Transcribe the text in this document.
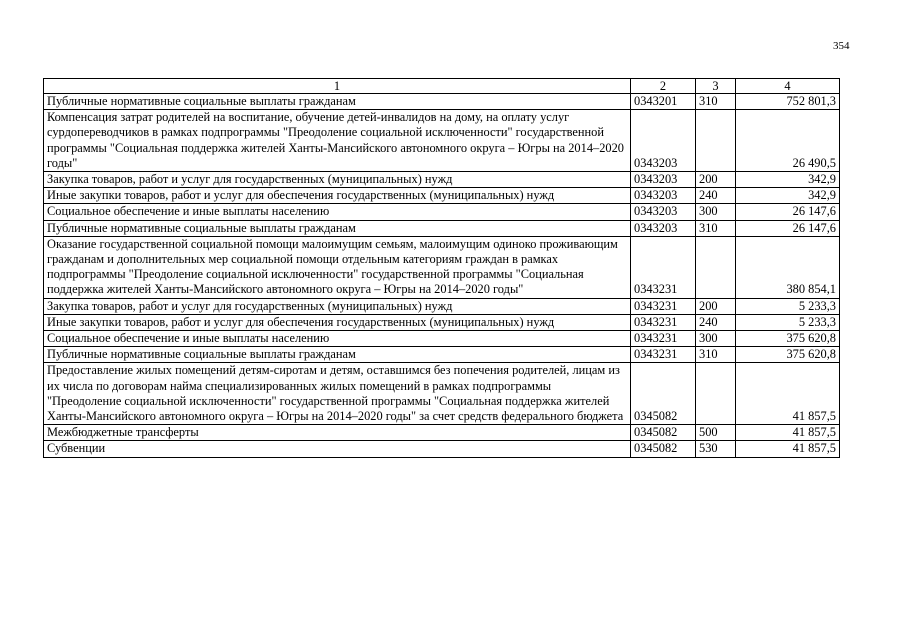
354
1	2	3	4
Публичные нормативные социальные выплаты гражданам	0343201	310	752 801,3
Компенсация затрат родителей на воспитание, обучение детей-инвалидов на дому, на оплату услуг сурдопереводчиков в рамках подпрограммы "Преодоление социальной исключенности" государственной программы "Социальная поддержка жителей Ханты-Мансийского автономного округа – Югры на 2014–2020 годы"	0343203		26 490,5
Закупка товаров, работ и услуг для государственных (муниципальных) нужд	0343203	200	342,9
Иные закупки товаров, работ и услуг для обеспечения государственных (муниципальных) нужд	0343203	240	342,9
Социальное обеспечение и иные выплаты населению	0343203	300	26 147,6
Публичные нормативные социальные выплаты гражданам	0343203	310	26 147,6
Оказание государственной социальной помощи малоимущим семьям, малоимущим одиноко проживающим гражданам и дополнительных мер социальной помощи отдельным категориям граждан в рамках подпрограммы "Преодоление социальной исключенности" государственной программы "Социальная поддержка жителей Ханты-Мансийского автономного округа – Югры на 2014–2020 годы"	0343231		380 854,1
Закупка товаров, работ и услуг для государственных (муниципальных) нужд	0343231	200	5 233,3
Иные закупки товаров, работ и услуг для обеспечения государственных (муниципальных) нужд	0343231	240	5 233,3
Социальное обеспечение и иные выплаты населению	0343231	300	375 620,8
Публичные нормативные социальные выплаты гражданам	0343231	310	375 620,8
Предоставление жилых помещений детям-сиротам и детям, оставшимся без попечения родителей, лицам из их числа по договорам найма специализированных жилых помещений в рамках подпрограммы "Преодоление социальной исключенности" государственной программы "Социальная поддержка жителей Ханты-Мансийского автономного округа – Югры на 2014–2020 годы" за счет средств федерального бюджета	0345082		41 857,5
Межбюджетные трансферты	0345082	500	41 857,5
Субвенции	0345082	530	41 857,5
